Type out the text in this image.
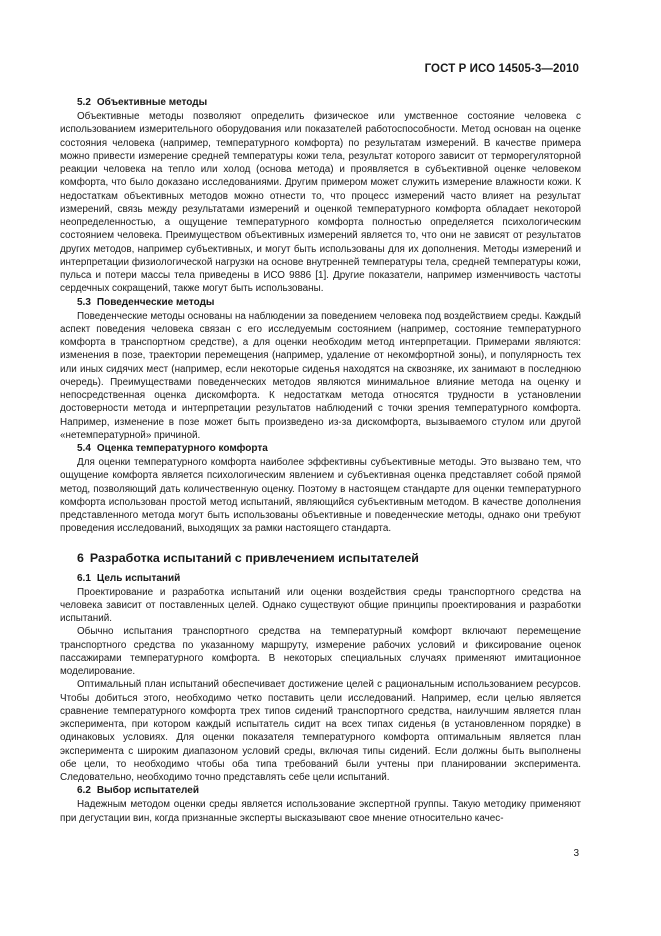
ГОСТ Р ИСО 14505-3—2010
5.2 Объективные методы

Объективные методы позволяют определить физическое или умственное состояние человека с использованием измерительного оборудования или показателей работоспособности. Метод основан на оценке состояния человека (например, температурного комфорта) по результатам измерений. В качестве примера можно привести измерение средней температуры кожи тела, результат которого зависит от терморегуляторной реакции человека на тепло или холод (основа метода) и проявляется в субъективной оценке человеком комфорта, что было доказано исследованиями. Другим примером может служить измерение влажности кожи. К недостаткам объективных методов можно отнести то, что процесс измерений часто влияет на результат измерений, связь между результатами измерений и оценкой температурного комфорта обладает некоторой неопределенностью, а ощущение температурного комфорта полностью определяется психологическим состоянием человека. Преимуществом объективных измерений является то, что они не зависят от результатов других методов, например субъективных, и могут быть использованы для их дополнения. Методы измерений и интерпретации физиологической нагрузки на основе внутренней температуры тела, средней температуры кожи, пульса и потери массы тела приведены в ИСО 9886 [1]. Другие показатели, например изменчивость частоты сердечных сокращений, также могут быть использованы.

5.3 Поведенческие методы

Поведенческие методы основаны на наблюдении за поведением человека под воздействием среды. Каждый аспект поведения человека связан с его исследуемым состоянием (например, состояние температурного комфорта в транспортном средстве), а для оценки необходим метод интерпретации. Примерами являются: изменения в позе, траектории перемещения (например, удаление от некомфортной зоны), и популярность тех или иных сидячих мест (например, если некоторые сиденья находятся на сквозняке, их занимают в последнюю очередь). Преимуществами поведенческих методов являются минимальное влияние метода на оценку и непосредственная оценка дискомфорта. К недостаткам метода относятся трудности в установлении достоверности метода и интерпретации результатов наблюдений с точки зрения температурного комфорта. Например, изменение в позе может быть произведено из-за дискомфорта, вызываемого стулом или другой «нетемпературной» причиной.

5.4 Оценка температурного комфорта

Для оценки температурного комфорта наиболее эффективны субъективные методы. Это вызвано тем, что ощущение комфорта является психологическим явлением и субъективная оценка представляет собой прямой метод, позволяющий дать количественную оценку. Поэтому в настоящем стандарте для оценки температурного комфорта использован простой метод испытаний, являющийся субъективным методом. В качестве дополнения представленного метода могут быть использованы объективные и поведенческие методы, однако они требуют проведения исследований, выходящих за рамки настоящего стандарта.

6 Разработка испытаний с привлечением испытателей
6.1 Цель испытаний

Проектирование и разработка испытаний или оценки воздействия среды транспортного средства на человека зависит от поставленных целей. Однако существуют общие принципы проектирования и разработки испытаний.

Обычно испытания транспортного средства на температурный комфорт включают перемещение транспортного средства по указанному маршруту, измерение рабочих условий и фиксирование оценок пассажирами температурного комфорта. В некоторых специальных случаях применяют имитационное моделирование.

Оптимальный план испытаний обеспечивает достижение целей с рациональным использованием ресурсов. Чтобы добиться этого, необходимо четко поставить цели исследований. Например, если целью является сравнение температурного комфорта трех типов сидений транспортного средства, наилучшим является план эксперимента, при котором каждый испытатель сидит на всех типах сиденья (в установленном порядке) в одинаковых условиях. Для оценки показателя температурного комфорта оптимальным является план эксперимента с широким диапазоном условий среды, включая типы сидений. Если должны быть выполнены обе цели, то необходимо чтобы оба типа требований были учтены при планировании эксперимента. Следовательно, необходимо точно представлять себе цели испытаний.

6.2 Выбор испытателей

Надежным методом оценки среды является использование экспертной группы. Такую методику применяют при дегустации вин, когда признанные эксперты высказывают свое мнение относительно качес-

3
